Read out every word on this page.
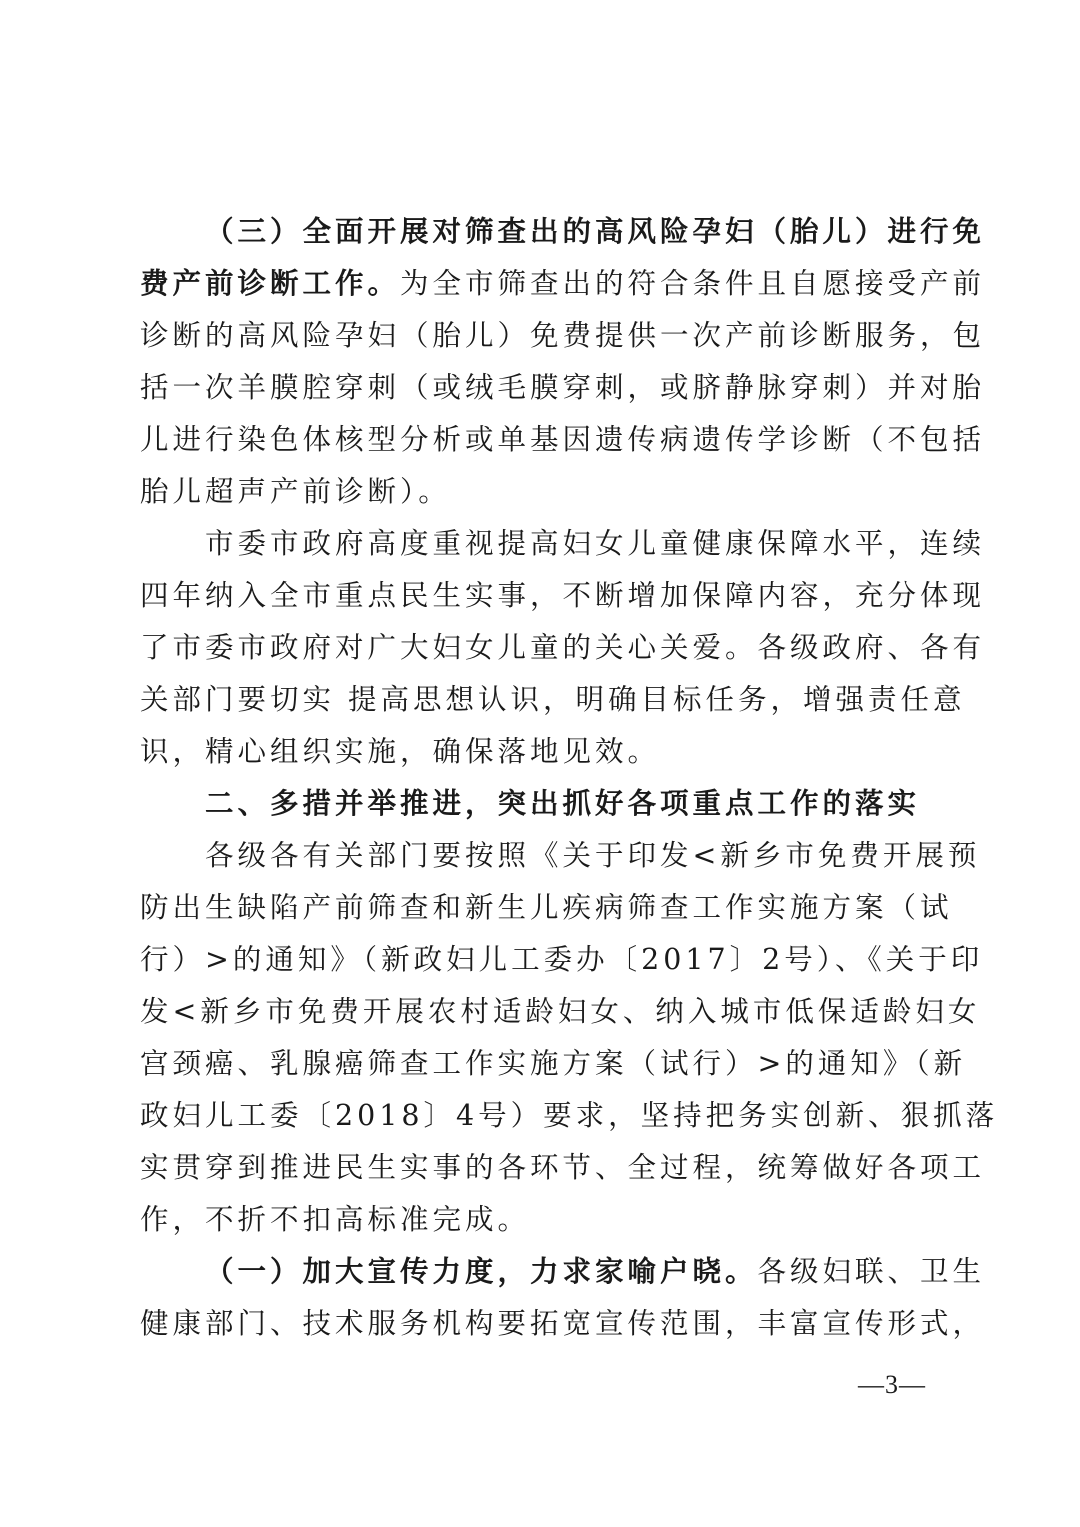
（三）全面开展对筛查出的高风险孕妇（胎儿）进行免
费产前诊断工作。为全市筛查出的符合条件且自愿接受产前
诊断的高风险孕妇（胎儿）免费提供一次产前诊断服务，包
括一次羊膜腔穿刺（或绒毛膜穿刺，或脐静脉穿刺）并对胎
儿进行染色体核型分析或单基因遗传病遗传学诊断（不包括
胎儿超声产前诊断）。
市委市政府高度重视提高妇女儿童健康保障水平，连续
四年纳入全市重点民生实事，不断增加保障内容，充分体现
了市委市政府对广大妇女儿童的关心关爱。各级政府、各有
关部门要切实 提高思想认识，明确目标任务，增强责任意
识，精心组织实施，确保落地见效。
二、多措并举推进，突出抓好各项重点工作的落实
各级各有关部门要按照《关于印发<新乡市免费开展预
防出生缺陷产前筛查和新生儿疾病筛查工作实施方案（试
行）>的通知》（新政妇儿工委办〔2017〕2号）、《关于印
发<新乡市免费开展农村适龄妇女、纳入城市低保适龄妇女
宫颈癌、乳腺癌筛查工作实施方案（试行）>的通知》（新
政妇儿工委〔2018〕4号）要求，坚持把务实创新、狠抓落
实贯穿到推进民生实事的各环节、全过程，统筹做好各项工
作，不折不扣高标准完成。
（一）加大宣传力度，力求家喻户晓。各级妇联、卫生
健康部门、技术服务机构要拓宽宣传范围，丰富宣传形式，
—3—
